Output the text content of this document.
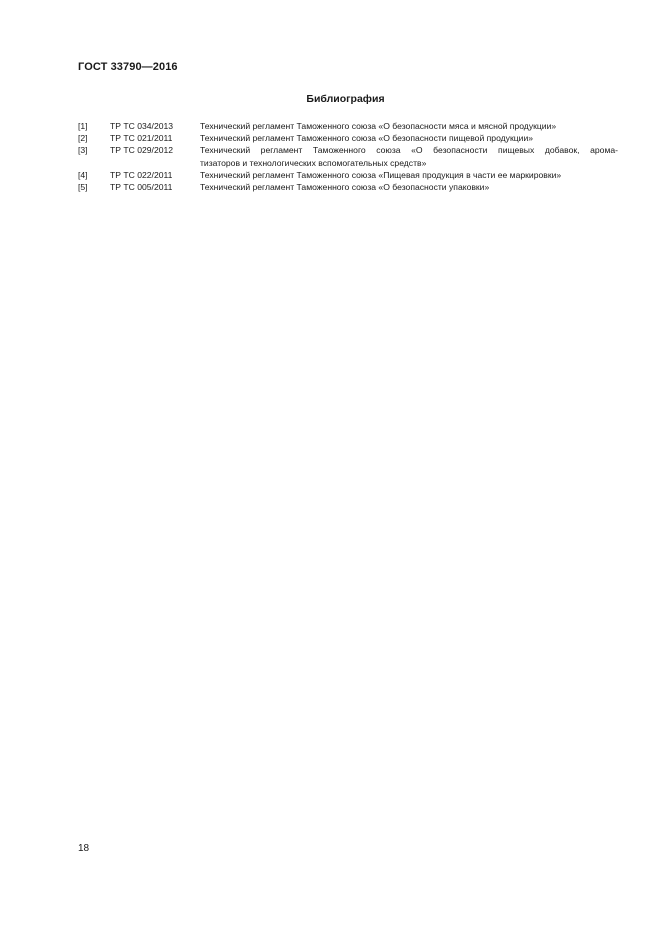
ГОСТ 33790—2016
Библиография
[1]	ТР ТС 034/2013	Технический регламент Таможенного союза «О безопасности мяса и мясной продукции»
[2]	ТР ТС 021/2011	Технический регламент Таможенного союза «О безопасности пищевой продукции»
[3]	ТР ТС 029/2012	Технический регламент Таможенного союза «О безопасности пищевых добавок, арома-
тизаторов и технологических вспомогательных средств»
[4]	ТР ТС 022/2011	Технический регламент Таможенного союза «Пищевая продукция в части ее маркировки»
[5]	ТР ТС 005/2011	Технический регламент Таможенного союза «О безопасности упаковки»
18
